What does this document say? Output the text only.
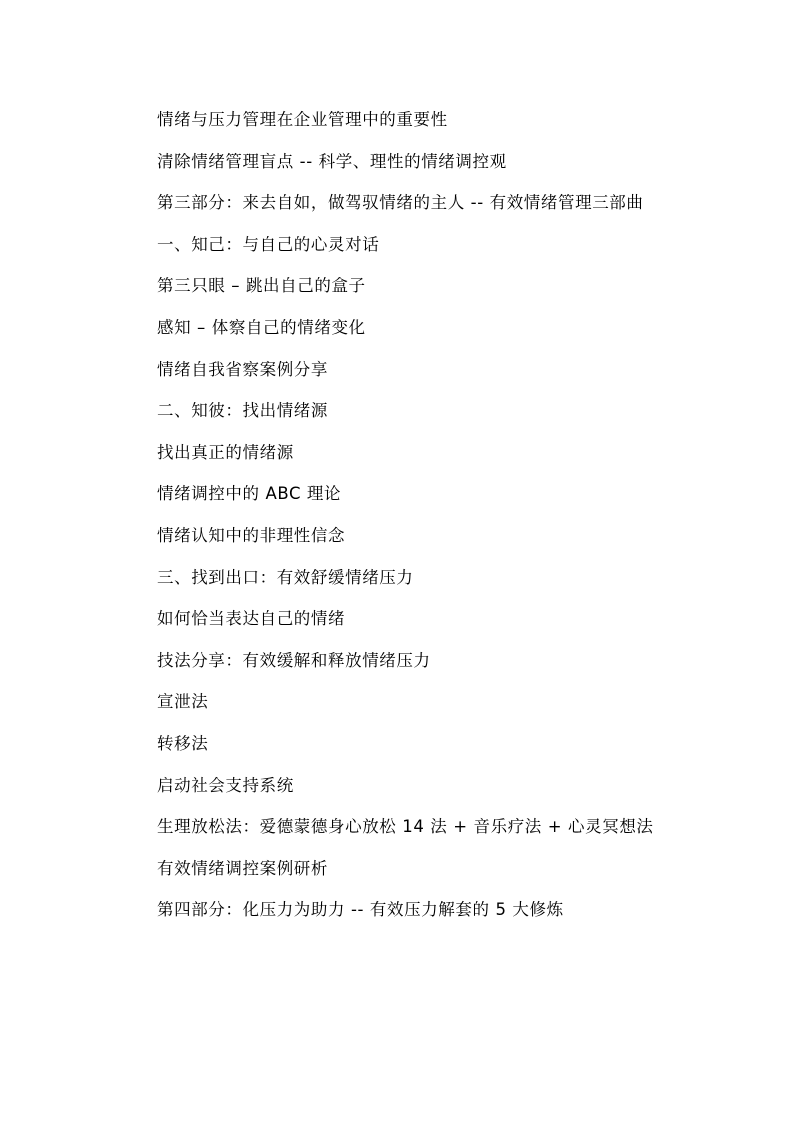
情绪与压力管理在企业管理中的重要性

清除情绪管理盲点 -- 科学、理性的情绪调控观

第三部分：来去自如，做驾驭情绪的主人 -- 有效情绪管理三部曲

一、知己：与自己的心灵对话

第三只眼 – 跳出自己的盒子

感知 – 体察自己的情绪变化

情绪自我省察案例分享

二、知彼：找出情绪源

找出真正的情绪源

情绪调控中的 ABC 理论

情绪认知中的非理性信念

三、找到出口：有效舒缓情绪压力

如何恰当表达自己的情绪

技法分享：有效缓解和释放情绪压力

宣泄法

转移法

启动社会支持系统

生理放松法：爱德蒙德身心放松 14 法 + 音乐疗法 + 心灵冥想法

有效情绪调控案例研析

第四部分：化压力为助力 -- 有效压力解套的 5 大修炼
